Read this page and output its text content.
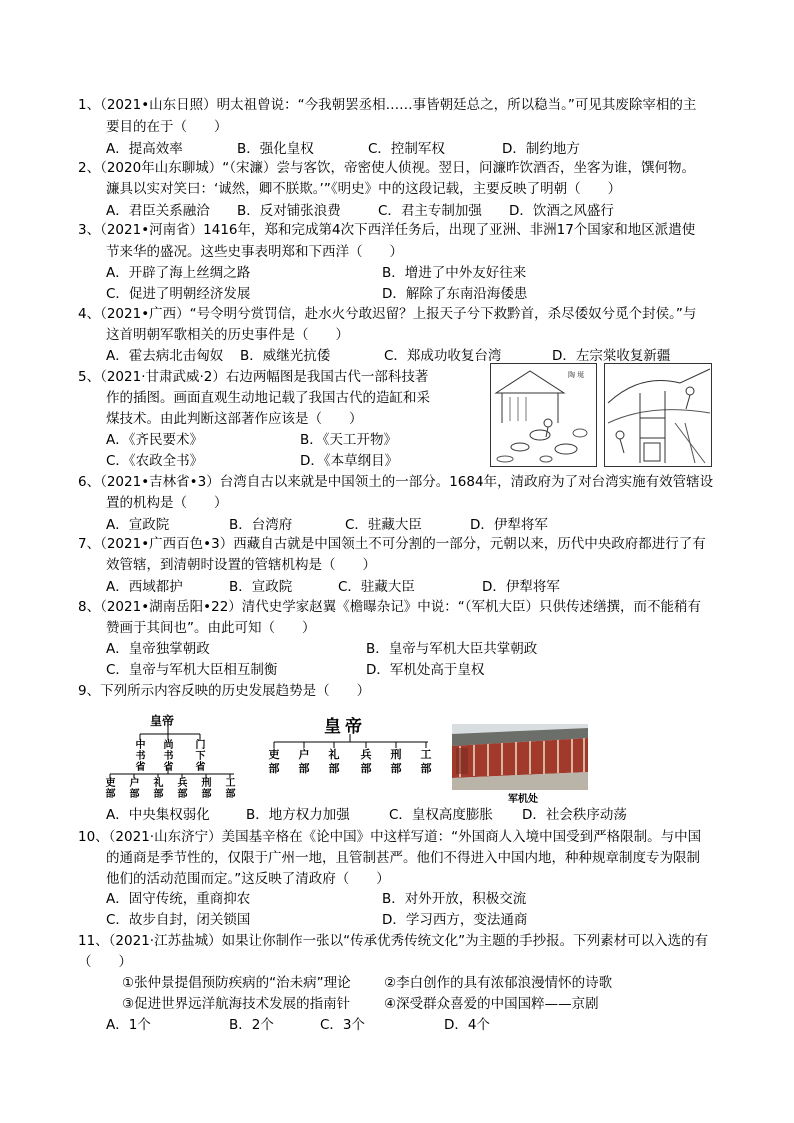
1、（2021•山东日照）明太祖曾说：“今我朝罢丞相……事皆朝廷总之，所以稳当。”可见其废除宰相的主
要目的在于（　　）
A．提高效率	B．强化皇权	C．控制军权	D．制约地方
2、（2020年山东聊城）“（宋濂）尝与客饮，帝密使人侦视。翌日，问濂昨饮酒否，坐客为谁，馔何物。
濂具以实对笑曰：‘诚然，卿不朕欺。’”《明史》中的这段记载，主要反映了明朝（　　）
A．君臣关系融洽 B．反对铺张浪费	C．君主专制加强 D．饮酒之风盛行
3、（2021•河南省）1416年，郑和完成第4次下西洋任务后，出现了亚洲、非洲17个国家和地区派遣使
节来华的盛况。这些史事表明郑和下西洋（　　）
A．开辟了海上丝绸之路	B．增进了中外友好往来
C．促进了明朝经济发展	D．解除了东南沿海倭患
4、（2021•广西）“号令明兮赏罚信，赴水火兮敢迟留？上报天子兮下救黔首，杀尽倭奴兮觅个封侯。”与
这首明朝军歌相关的历史事件是（　　）
A．霍去病北击匈奴 B．威继光抗倭	C．郑成功收复台湾	D．左宗棠收复新疆
5、（2021·甘肃武威·2）右边两幅图是我国古代一部科技著
作的插图。画面直观生动地记载了我国古代的造缸和采
煤技术。由此判断这部著作应该是（　　）
A．《齐民要术》	B．《天工开物》
C．《农政全书》	D．《本草纲目》
陶 埏
6、（2021•吉林省•3）台湾自古以来就是中国领土的一部分。1684年，清政府为了对台湾实施有效管辖设
置的机构是（　　）
A．宣政院	B．台湾府	C．驻藏大臣	D．伊犁将军
7、（2021•广西百色•3）西藏自古就是中国领土不可分割的一部分，元朝以来，历代中央政府都进行了有
效管辖，到清朝时设置的管辖机构是（　　）
A．西域都护	B．宣政院	C．驻藏大臣	D．伊犁将军
8、（2021•湖南岳阳•22）清代史学家赵翼《檐曝杂记》中说：“（军机大臣）只供传述缮撰，而不能稍有
赞画于其间也”。由此可知（　　）
A．皇帝独掌朝政	B．皇帝与军机大臣共掌朝政
C．皇帝与军机大臣相互制衡	D．军机处高于皇权
9、下列所示内容反映的历史发展趋势是（　　）
皇帝
中书省
尚书省
门下省
吏部
户部
礼部
兵部
刑部
工部
皇帝
吏部
户部
礼部
兵部
刑部
工部
军机处
A．中央集权弱化	B．地方权力加强	C．皇权高度膨胀 D．社会秩序动荡
10、（2021·山东济宁）美国基辛格在《论中国》中这样写道：“外国商人入境中国受到严格限制。与中国
的通商是季节性的，仅限于广州一地，且管制甚严。他们不得进入中国内地，种种规章制度专为限制
他们的活动范围而定。”这反映了清政府（　　）
A．固守传统，重商抑农	B．对外开放，积极交流
C．故步自封，闭关锁国	D．学习西方，变法通商
11、（2021·江苏盐城）如果让你制作一张以“传承优秀传统文化”为主题的手抄报。下列素材可以入选的有
（　　）
①张仲景提倡预防疾病的“治未病”理论 ②李白创作的具有浓郁浪漫情怀的诗歌
③促进世界远洋航海技术发展的指南针	④深受群众喜爱的中国国粹——京剧
A．1个	B．2个	C．3个	D．4个
